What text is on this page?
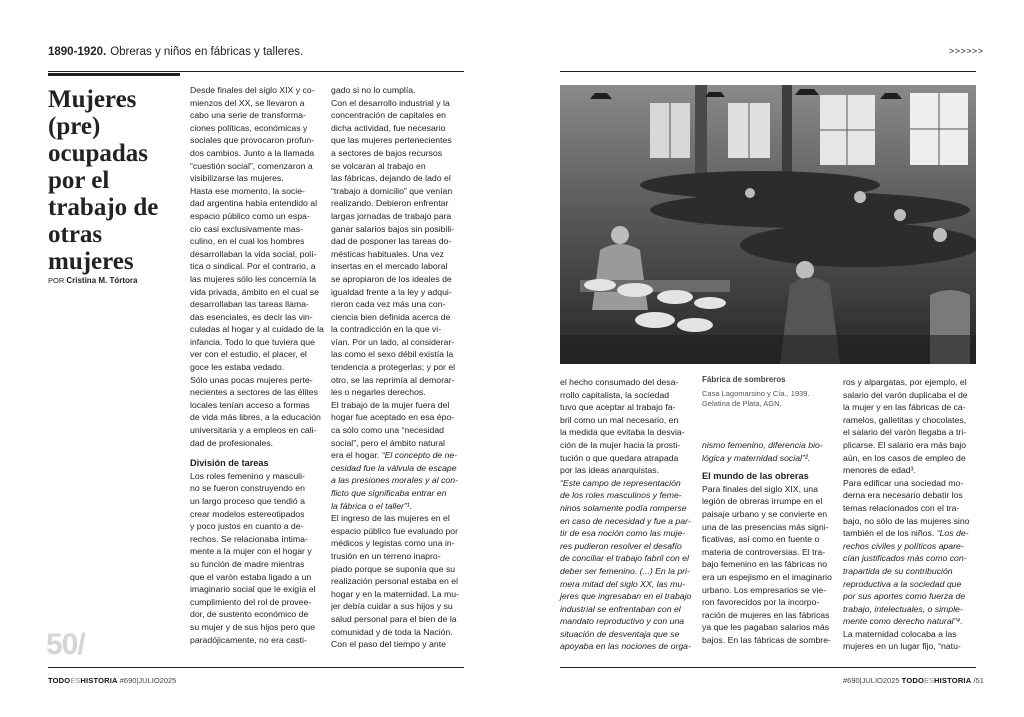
1890-1920. Obreras y niños en fábricas y talleres.	>>>>>>
Mujeres (pre) ocupadas por el trabajo de otras mujeres
POR Cristina M. Tórtora
Desde finales del siglo XIX y co-
mienzos del XX, se llevaron a
cabo una serie de transforma-
ciones políticas, económicas y
sociales que provocaron profun-
dos cambios. Junto a la llamada
“cuestión social”, comenzaron a
visibilizarse las mujeres.
Hasta ese momento, la socie-
dad argentina había entendido al
espacio público como un espa-
cio casi exclusivamente mas-
culino, en el cual los hombres
desarrollaban la vida social, polí-
tica o sindical. Por el contrario, a
las mujeres sólo les concernía la
vida privada, ámbito en el cual se
desarrollaban las tareas llama-
das esenciales, es decir las vin-
culadas al hogar y al cuidado de la
infancia. Todo lo que tuviera que
ver con el estudio, el placer, el
goce les estaba vedado.
Sólo unas pocas mujeres perte-
necientes a sectores de las élites
locales tenían acceso a formas
de vida más libres, a la educación
universitaria y a empleos en cali-
dad de profesionales.

División de tareas
Los roles femenino y masculi-
no se fueron construyendo en
un largo proceso que tendió a
crear modelos estereotipados
y poco justos en cuanto a de-
rechos. Se relacionaba íntima-
mente a la mujer con el hogar y
su función de madre mientras
que el varón estaba ligado a un
imaginario social que le exigía el
cumplimiento del rol de provee-
dor, de sustento económico de
su mujer y de sus hijos pero que
paradójicamente, no era casti-
gado si no lo cumplía.
Con el desarrollo industrial y la
concentración de capitales en
dicha actividad, fue necesario
que las mujeres pertenecientes
a sectores de bajos recursos
se volcaran al trabajo en
las fábricas, dejando de lado el
“trabajo a domicilio” que venían
realizando. Debieron enfrentar
largas jornadas de trabajo para
ganar salarios bajos sin posibili-
dad de posponer las tareas do-
mésticas habituales. Una vez
insertas en el mercado laboral
se apropiaron de los ideales de
igualdad frente a la ley y adqui-
rieron cada vez más una con-
ciencia bien definida acerca de
la contradicción en la que vi-
vían. Por un lado, al considerar-
las como el sexo débil existía la
tendencia a protegerlas; y por el
otro, se las reprimía al demorar-
les o negarles derechos.
El trabajo de la mujer fuera del
hogar fue aceptado en esa épo-
ca sólo como una “necesidad
social”, pero el ámbito natural
era el hogar. “El concepto de ne-
cesidad fue la válvula de escape
a las presiones morales y al con-
flicto que significaba entrar en
la fábrica o el taller”¹.
El ingreso de las mujeres en el
espacio público fue evaluado por
médicos y legistas como una in-
trusión en un terreno inapro-
piado porque se suponía que su
realización personal estaba en el
hogar y en la maternidad. La mu-
jer debía cuidar a sus hijos y su
salud personal para el bien de la
comunidad y de toda la Nación.
Con el paso del tiempo y ante
el hecho consumado del desa-
rrollo capitalista, la sociedad
tuvo que aceptar al trabajo fa-
bril como un mal necesario, en
la medida que evitaba la desvia-
ción de la mujer hacia la prosti-
tución o que quedara atrapada
por las ideas anarquistas.
“Este campo de representación
de los roles masculinos y feme-
ninos solamente podía romperse
en caso de necesidad y fue a par-
tir de esa noción como las muje-
res pudieron resolver el desafío
de conciliar el trabajo fabril con el
deber ser femenino. (...) En la pri-
mera mitad del siglo XX, las mu-
jeres que ingresaban en el trabajo
industrial se enfrentaban con el
mandato reproductivo y con una
situación de desventaja que se
apoyaba en las nociones de orga-
Fábrica de sombreros
Casa Lagomarsino y Cía., 1939. Gelatina de Plata, AGN.
nismo femenino, diferencia bio-
lógica y maternidad social”².

El mundo de las obreras
Para finales del siglo XIX, una
legión de obreras irrumpe en el
paisaje urbano y se convierte en
una de las presencias más signi-
ficativas, así como en fuente o
materia de controversias. El tra-
bajo femenino en las fábricas no
era un espejismo en el imaginario
urbano. Los empresarios se vie-
ron favorecidos por la incorpo-
ración de mujeres en las fábricas
ya que les pagaban salarios más
bajos. En las fábricas de sombre-
ros y alpargatas, por ejemplo, el
salario del varón duplicaba el de
la mujer y en las fábricas de ca-
ramelos, galletitas y chocolates,
el salario del varón llegaba a tri-
plicarse. El salario era más bajo
aún, en los casos de empleo de
menores de edad³.
Para edificar una sociedad mo-
derna era necesario debatir los
temas relacionados con el tra-
bajo, no sólo de las mujeres sino
también el de los niños. “Los de-
rechos civiles y políticos apare-
cían justificados más como con-
trapartida de su contribución
reproductiva a la sociedad que
por sus aportes como fuerza de
trabajo, intelectuales, o simple-
mente como derecho natural”⁴.
La maternidad colocaba a las
mujeres en un lugar fijo, “natu-
50/
TODOESHISTORIA #690|JULIO2025	#690|JULIO2025 TODOESHISTORIA /51
